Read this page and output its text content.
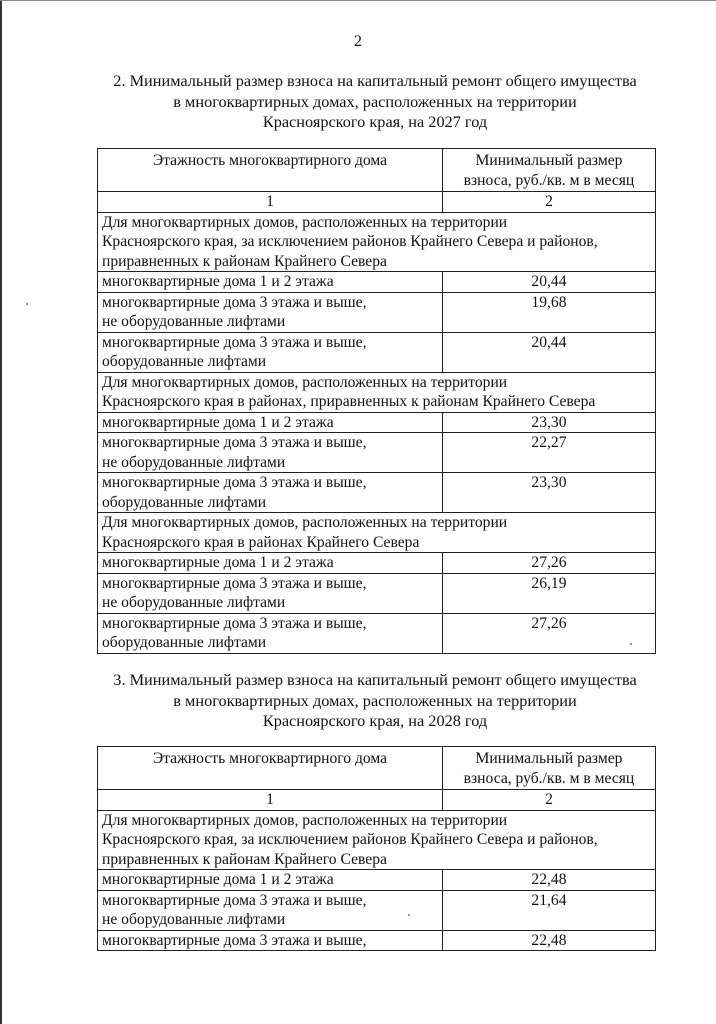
2
2. Минимальный размер взноса на капитальный ремонт общего имущества
в многоквартирных домах, расположенных на территории
Красноярского края, на 2027 год
Этажность многоквартирного дома	Минимальный размер
взноса, руб./кв. м в месяц

1	2

Для многоквартирных домов, расположенных на территории
Красноярского края, за исключением районов Крайнего Севера и районов,
приравненных к районам Крайнего Севера	

многоквартирные дома 1 и 2 этажа	20,44

многоквартирные дома 3 этажа и выше,
не оборудованные лифтами	19,68

многоквартирные дома 3 этажа и выше,
оборудованные лифтами	20,44

Для многоквартирных домов, расположенных на территории
Красноярского края в районах, приравненных к районам Крайнего Севера	

многоквартирные дома 1 и 2 этажа	23,30

многоквартирные дома 3 этажа и выше,
не оборудованные лифтами	22,27

многоквартирные дома 3 этажа и выше,
оборудованные лифтами	23,30

Для многоквартирных домов, расположенных на территории
Красноярского края в районах Крайнего Севера	

многоквартирные дома 1 и 2 этажа	27,26

многоквартирные дома 3 этажа и выше,
не оборудованные лифтами	26,19

многоквартирные дома 3 этажа и выше,
оборудованные лифтами	27,26
3. Минимальный размер взноса на капитальный ремонт общего имущества
в многоквартирных домах, расположенных на территории
Красноярского края, на 2028 год
Этажность многоквартирного дома	Минимальный размер
взноса, руб./кв. м в месяц

1	2

Для многоквартирных домов, расположенных на территории
Красноярского края, за исключением районов Крайнего Севера и районов,
приравненных к районам Крайнего Севера	

многоквартирные дома 1 и 2 этажа	22,48

многоквартирные дома 3 этажа и выше,
не оборудованные лифтами	21,64

многоквартирные дома 3 этажа и выше,	22,48
